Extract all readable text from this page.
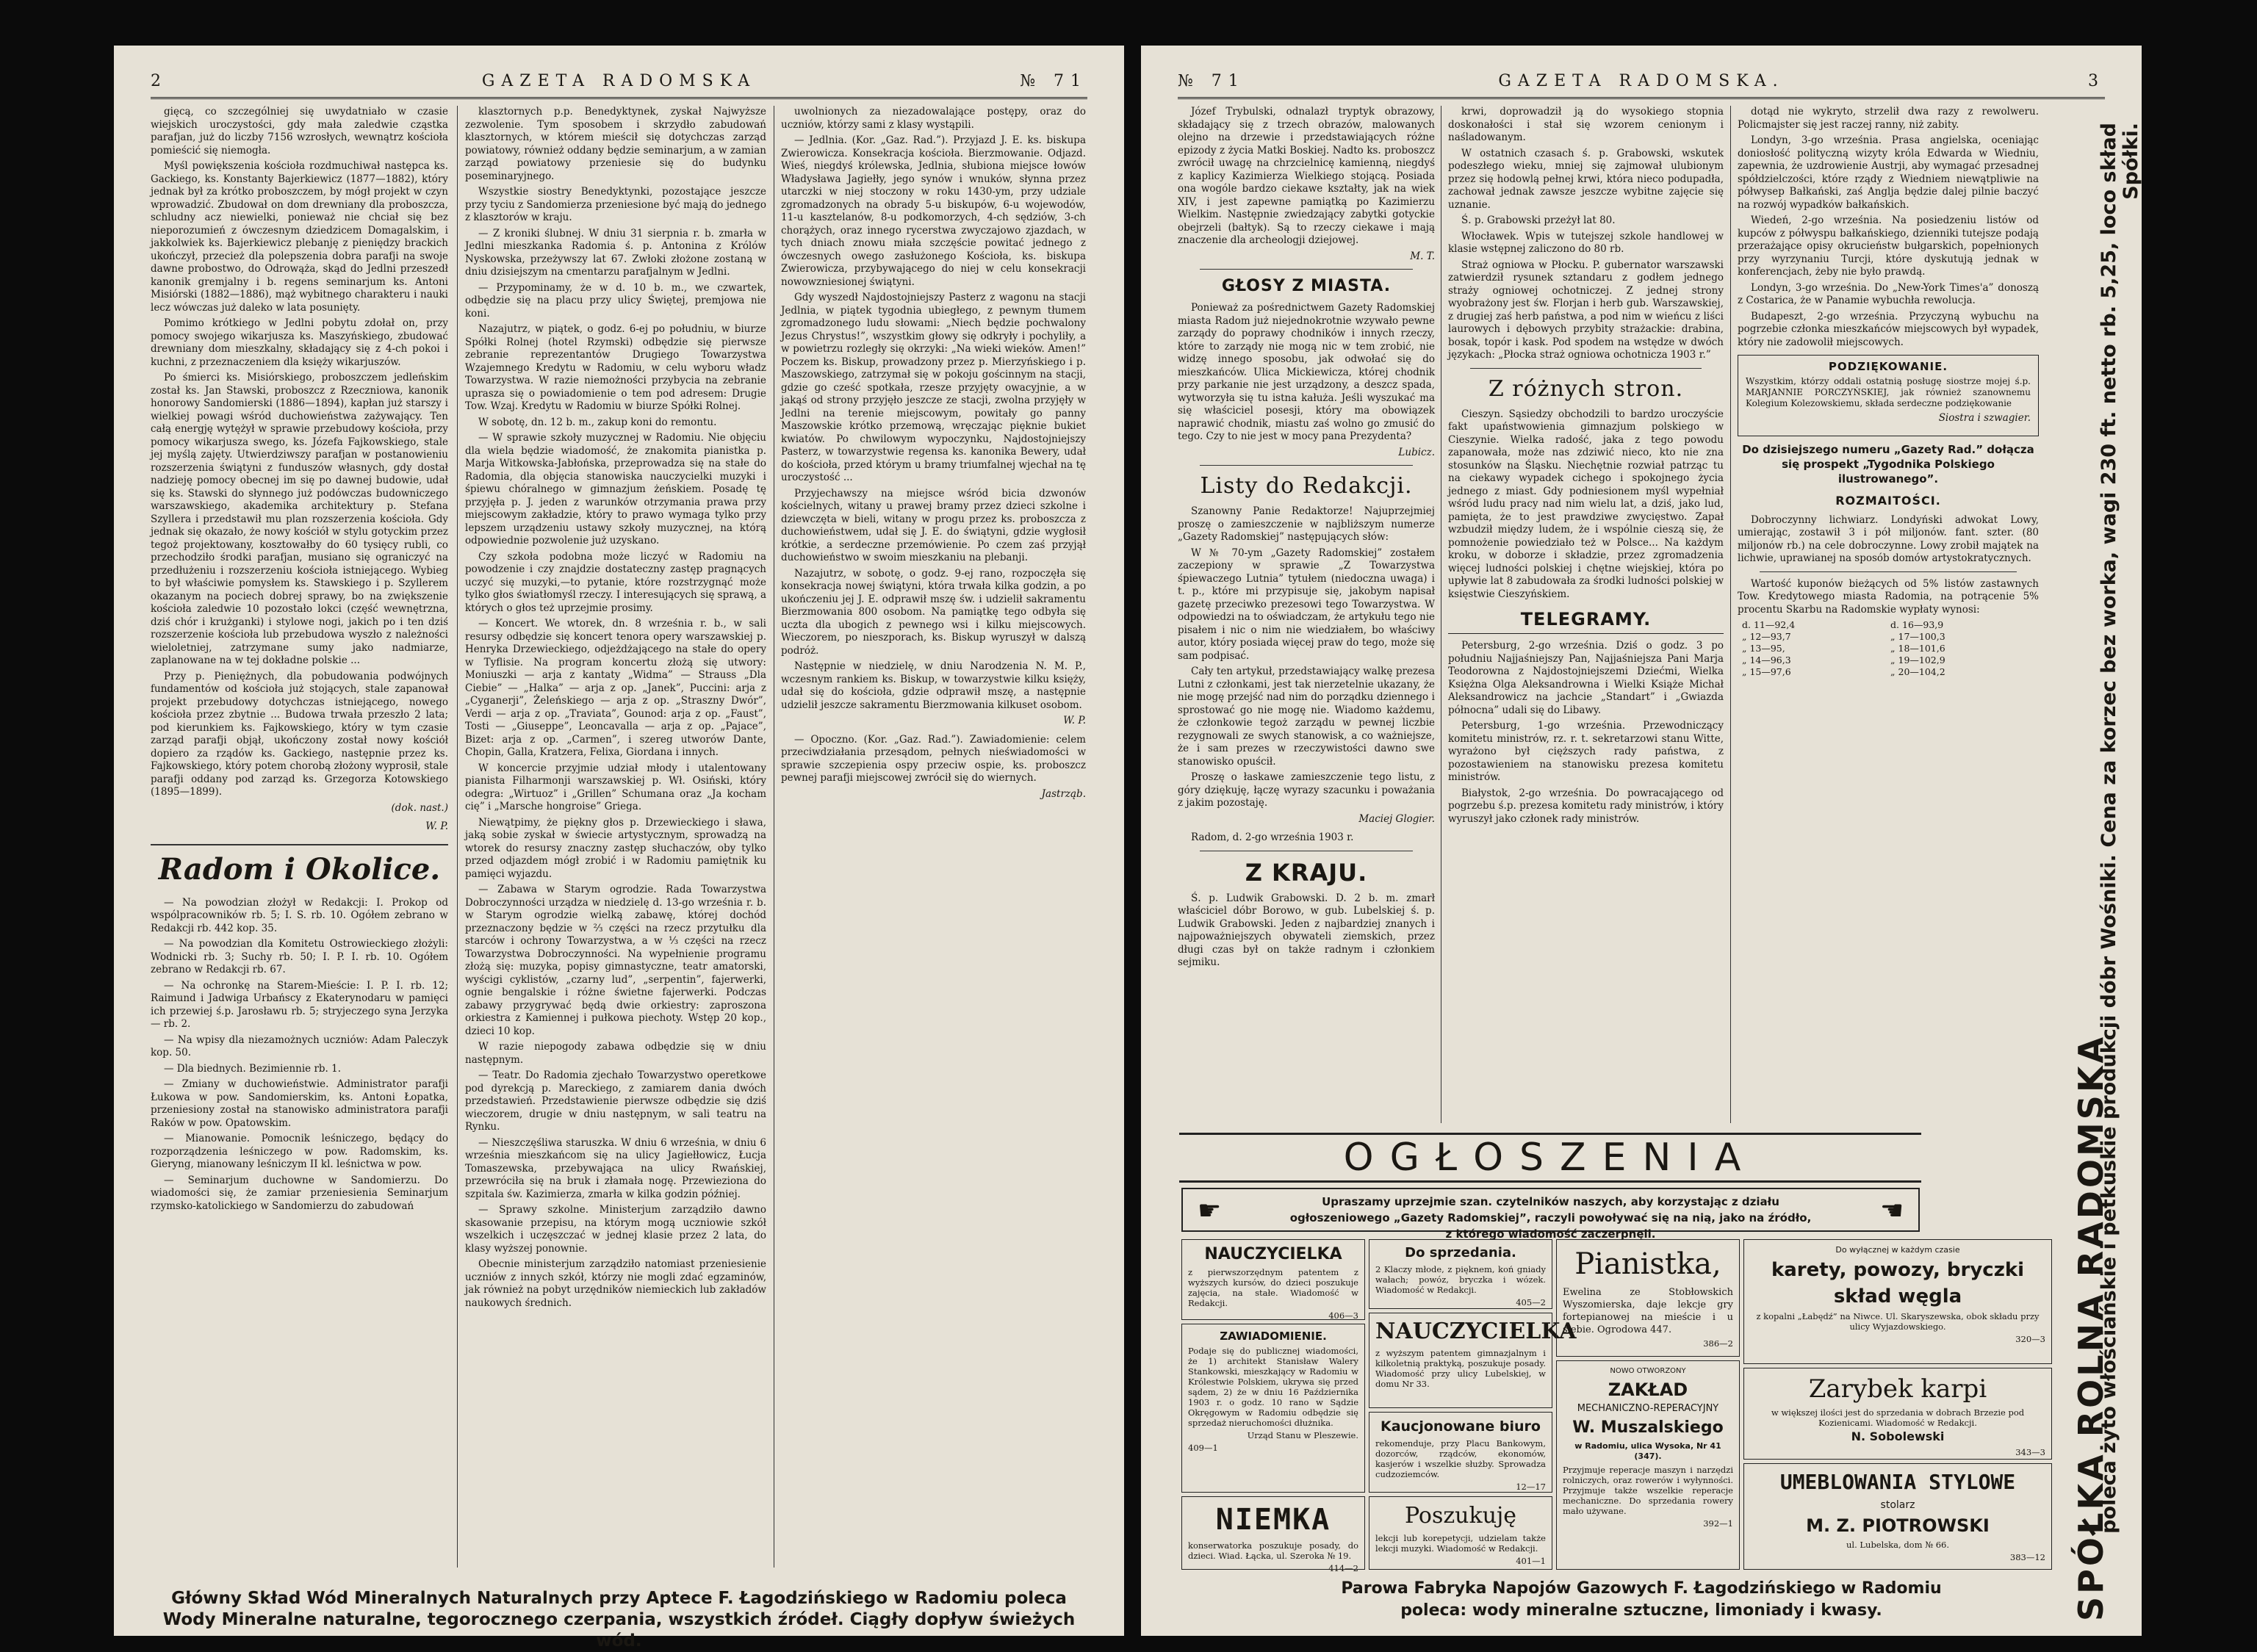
2	GAZETA RADOMSKA	№ 71

gięcą, co szczególniej się uwydatniało w czasie wiejskich uroczystości, gdy mała zaledwie cząstka parafjan, już do liczby 7156 wzrosłych, wewnątrz kościoła pomieścić się niemogła.

Myśl powiększenia kościoła rozdmuchiwał następca ks. Gackiego, ks. Konstanty Bajerkiewicz (1877—1882), który jednak był za krótko proboszczem, by mógł projekt w czyn wprowadzić. Zbudował on dom drewniany dla proboszcza, schludny acz niewielki, ponieważ nie chciał się bez nieporozumień z ówczesnym dziedzicem Domagalskim, i jakkolwiek ks. Bajerkiewicz plebanję z pieniędzy brackich ukończył, przecież dla polepszenia dobra parafji na swoje dawne probostwo, do Odrowąża, skąd do Jedlni przeszedł kanonik gremjalny i b. regens seminarjum ks. Antoni Misiórski (1882—1886), mąż wybitnego charakteru i nauki lecz wówczas już daleko w lata posunięty.

Pomimo krótkiego w Jedlni pobytu zdołał on, przy pomocy swojego wikarjusza ks. Maszyńskiego, zbudować drewniany dom mieszkalny, składający się z 4-ch pokoi i kuchni, z przeznaczeniem dla księży wikarjuszów.

Po śmierci ks. Misiórskiego, proboszczem jedleńskim został ks. Jan Stawski, proboszcz z Rzeczniowa, kanonik honorowy Sandomierski (1886—1894), kapłan już starszy i wielkiej powagi wśród duchowieństwa zażywający. Ten całą energję wytężył w sprawie przebudowy kościoła, przy pomocy wikarjusza swego, ks. Józefa Fajkowskiego, stale jej myślą zajęty. Utwierdziwszy parafjan w postanowieniu rozszerzenia świątyni z funduszów własnych, gdy dostał nadzieję pomocy obecnej im się po dawnej budowie, udał się ks. Stawski do słynnego już podówczas budowniczego warszawskiego, akademika architektury p. Stefana Szyllera i przedstawił mu plan rozszerzenia kościoła. Gdy jednak się okazało, że nowy kościół w stylu gotyckim przez tegoż projektowany, kosztowałby do 60 tysięcy rubli, co przechodziło środki parafjan, musiano się ograniczyć na przedłużeniu i rozszerzeniu kościoła istniejącego. Wybieg to był właściwie pomysłem ks. Stawskiego i p. Szyllerem okazanym na pociech dobrej sprawy, bo na zwiększenie kościoła zaledwie 10 pozostało lokci (część wewnętrzna, dziś chór i krużganki) i stylowe nogi, jakich po i ten dziś rozszerzenie kościoła lub przebudowa wyszło z należności wieloletniej, zatrzymane sumy jako nadmiarze, zaplanowane na w tej dokładne polskie ...

Przy p. Pieniężnych, dla pobudowania podwójnych fundamentów od kościoła już stojących, stale zapanował projekt przebudowy dotychczas istniejącego, nowego kościoła przez zbytnie ... Budowa trwała przeszło 2 lata; pod kierunkiem ks. Fajkowskiego, który w tym czasie zarząd parafji objął, ukończony został nowy kościół dopiero za rządów ks. Gackiego, następnie przez ks. Fajkowskiego, który potem chorobą złożony wyprosił, stale parafji oddany pod zarząd ks. Grzegorza Kotowskiego (1895—1899).

(dok. nast.)

W. P.

Radom i Okolice.

— Na powodzian złożył w Redakcji: I. Prokop od wspólpracowników rb. 5; I. S. rb. 10. Ogółem zebrano w Redakcji rb. 442 kop. 35.

— Na powodzian dla Komitetu Ostrowieckiego złożyli: Wodnicki rb. 3; Suchy rb. 50; I. P. I. rb. 10. Ogółem zebrano w Redakcji rb. 67.

— Na ochronkę na Starem-Mieście: I. P. I. rb. 12; Raimund i Jadwiga Urbańscy z Ekaterynodaru w pamięci ich przewiej ś.p. Jarosławu rb. 5; stryjeczego syna Jerzyka — rb. 2.

— Na wpisy dla niezamożnych uczniów: Adam Paleczyk kop. 50.

— Dla biednych. Bezimiennie rb. 1.

— Zmiany w duchowieństwie. Administrator parafji Łukowa w pow. Sandomierskim, ks. Antoni Łopatka, przeniesiony został na stanowisko administratora parafji Raków w pow. Opatowskim.

— Mianowanie. Pomocnik leśniczego, będący do rozporządzenia leśniczego w pow. Radomskim, ks. Gieryng, mianowany leśniczym II kl. leśnictwa w pow.

— Seminarjum duchowne w Sandomierzu. Do wiadomości się, że zamiar przeniesienia Seminarjum rzymsko-katolickiego w Sandomierzu do zabudowań

klasztornych p.p. Benedyktynek, zyskał Najwyższe zezwolenie. Tym sposobem i skrzydło zabudowań klasztornych, w którem mieścił się dotychczas zarząd powiatowy, również oddany będzie seminarjum, a w zamian zarząd powiatowy przeniesie się do budynku poseminaryjnego.

Wszystkie siostry Benedyktynki, pozostające jeszcze przy tyciu z Sandomierza przeniesione być mają do jednego z klasztorów w kraju.

— Z kroniki ślubnej. W dniu 31 sierpnia r. b. zmarła w Jedlni mieszkanka Radomia ś. p. Antonina z Królów Nyskowska, przeżywszy lat 67. Zwłoki złożone zostaną w dniu dzisiejszym na cmentarzu parafjalnym w Jedlni.

— Przypominamy, że w d. 10 b. m., we czwartek, odbędzie się na placu przy ulicy Świętej, premjowa nie koni.

Nazajutrz, w piątek, o godz. 6-ej po południu, w biurze Spółki Rolnej (hotel Rzymski) odbędzie się pierwsze zebranie reprezentantów Drugiego Towarzystwa Wzajemnego Kredytu w Radomiu, w celu wyboru władz Towarzystwa. W razie niemożności przybycia na zebranie uprasza się o powiadomienie o tem pod adresem: Drugie Tow. Wzaj. Kredytu w Radomiu w biurze Spółki Rolnej.

W sobotę, dn. 12 b. m., zakup koni do remontu.

— W sprawie szkoły muzycznej w Radomiu. Nie objęciu dla wiela będzie wiadomość, że znakomita pianistka p. Marja Witkowska-Jabłońska, przeprowadza się na stałe do Radomia, dla objęcia stanowiska nauczycielki muzyki i śpiewu chóralnego w gimnazjum żeńskiem. Posadę tę przyjęła p. J. jeden z warunków otrzymania prawa przy miejscowym zakładzie, który to prawo wymaga tylko przy lepszem urządzeniu ustawy szkoły muzycznej, na którą odpowiednie pozwolenie już uzyskano.

Czy szkoła podobna może liczyć w Radomiu na powodzenie i czy znajdzie dostateczny zastęp pragnących uczyć się muzyki,—to pytanie, które rozstrzygnąć może tylko głos światłomyśl rzeczy. I interesujących się sprawą, a których o głos też uprzejmie prosimy.

— Koncert. We wtorek, dn. 8 września r. b., w sali resursy odbędzie się koncert tenora opery warszawskiej p. Henryka Drzewieckiego, odjeżdżającego na stałe do opery w Tyflisie. Na program koncertu złożą się utwory: Moniuszki — arja z kantaty „Widma” — Strauss „Dla Ciebie” — „Halka” — arja z op. „Janek”, Puccini: arja z „Cyganerji”, Żeleńskiego — arja z op. „Straszny Dwór”, Verdi — arja z op. „Traviata”, Gounod: arja z op. „Faust”, Tosti — „Giuseppe”, Leoncavalla — arja z op. „Pajace”, Bizet: arja z op. „Carmen”, i szereg utworów Dante, Chopin, Galla, Kratzera, Felixa, Giordana i innych.

W koncercie przyjmie udział młody i utalentowany pianista Filharmonji warszawskiej p. Wł. Osiński, który odegra: „Wirtuoz” i „Grillen” Schumana oraz „Ja kocham cię” i „Marsche hongroise” Griega.

Niewątpimy, że piękny głos p. Drzewieckiego i sława, jaką sobie zyskał w świecie artystycznym, sprowadzą na wtorek do resursy znaczny zastęp słuchaczów, oby tylko przed odjazdem mógł zrobić i w Radomiu pamiętnik ku pamięci wyjazdu.

— Zabawa w Starym ogrodzie. Rada Towarzystwa Dobroczynności urządza w niedzielę d. 13-go września r. b. w Starym ogrodzie wielką zabawę, której dochód przeznaczony będzie w ⅔ części na rzecz przytułku dla starców i ochrony Towarzystwa, a w ⅓ części na rzecz Towarzystwa Dobroczynności. Na wypełnienie programu złożą się: muzyka, popisy gimnastyczne, teatr amatorski, wyścigi cyklistów, „czarny lud”, „serpentin”, fajerwerki, ognie bengalskie i różne świetne fajerwerki. Podczas zabawy przygrywać będą dwie orkiestry: zaproszona orkiestra z Kamiennej i pułkowa piechoty. Wstęp 20 kop., dzieci 10 kop.

W razie niepogody zabawa odbędzie się w dniu następnym.

— Teatr. Do Radomia zjechało Towarzystwo operetkowe pod dyrekcją p. Mareckiego, z zamiarem dania dwóch przedstawień. Przedstawienie pierwsze odbędzie się dziś wieczorem, drugie w dniu następnym, w sali teatru na Rynku.

— Nieszczęśliwa staruszka. W dniu 6 września, w dniu 6 września mieszkańcom się na ulicy Jagiełłowicz, Łucja Tomaszewska, przebywająca na ulicy Rwańskiej, przewróciła się na bruk i złamała nogę. Przewieziona do szpitala św. Kazimierza, zmarła w kilka godzin później.

— Sprawy szkolne. Ministerjum zarządziło dawno skasowanie przepisu, na którym mogą uczniowie szkół wszelkich i uczęszczać w jednej klasie przez 2 lata, do klasy wyższej ponownie.

Obecnie ministerjum zarządziło natomiast przeniesienie uczniów z innych szkół, którzy nie mogli zdać egzaminów, jak również na pobyt urzędników niemieckich lub zakładów naukowych średnich.

uwolnionych za niezadowalające postępy, oraz do uczniów, którzy sami z klasy wystąpili.

— Jedlnia. (Kor. „Gaz. Rad.”). Przyjazd J. E. ks. biskupa Zwierowicza. Konsekracja kościoła. Bierzmowanie. Odjazd. Wieś, niegdyś królewska, Jedlnia, słubiona miejsce łowów Władysława Jagiełły, jego synów i wnuków, słynna przez utarczki w niej stoczony w roku 1430-ym, przy udziale zgromadzonych na obrady 5-u biskupów, 6-u wojewodów, 11-u kasztelanów, 8-u podkomorzych, 4-ch sędziów, 3-ch chorążych, oraz innego rycerstwa zwyczajowo zjazdach, w tych dniach znowu miała szczęście powitać jednego z ówczesnych owego zasłużonego Kościoła, ks. biskupa Zwierowicza, przybywającego do niej w celu konsekracji nowowzniesionej świątyni.

Gdy wyszedł Najdostojniejszy Pasterz z wagonu na stacji Jedlnia, w piątek tygodnia ubiegłego, z pewnym tłumem zgromadzonego ludu słowami: „Niech będzie pochwalony Jezus Chrystus!”, wszystkim głowy się odkryły i pochyliły, a w powietrzu rozległy się okrzyki: „Na wieki wieków. Amen!” Poczem ks. Biskup, prowadzony przez p. Mierzyńskiego i p. Maszowskiego, zatrzymał się w pokoju gościnnym na stacji, gdzie go cześć spotkała, rzesze przyjęty owacyjnie, a w jakąś od strony przyjęło jeszcze ze stacji, zwolna przyjęły w Jedlni na terenie miejscowym, powitały go panny Maszowskie krótko przemową, wręczając pięknie bukiet kwiatów. Po chwilowym wypoczynku, Najdostojniejszy Pasterz, w towarzystwie regensa ks. kanonika Bewery, udał do kościoła, przed którym u bramy triumfalnej wjechał na tę uroczystość ...

Przyjechawszy na miejsce wśród bicia dzwonów kościelnych, witany u prawej bramy przez dzieci szkolne i dziewczęta w bieli, witany w progu przez ks. proboszcza z duchowieństwem, udał się J. E. do świątyni, gdzie wygłosił krótkie, a serdeczne przemówienie. Po czem zaś przyjął duchowieństwo w swoim mieszkaniu na plebanji.

Nazajutrz, w sobotę, o godz. 9-ej rano, rozpoczęła się konsekracja nowej świątyni, która trwała kilka godzin, a po ukończeniu jej J. E. odprawił mszę św. i udzielił sakramentu Bierzmowania 800 osobom. Na pamiątkę tego odbyła się uczta dla ubogich z pewnego wsi i kilku miejscowych. Wieczorem, po nieszporach, ks. Biskup wyruszył w dalszą podróż.

Następnie w niedzielę, w dniu Narodzenia N. M. P., wczesnym rankiem ks. Biskup, w towarzystwie kilku księży, udał się do kościoła, gdzie odprawił mszę, a następnie udzielił jeszcze sakramentu Bierzmowania kilkuset osobom.

W. P.

— Opoczno. (Kor. „Gaz. Rad.”). Zawiadomienie: celem przeciwdziałania przesądom, pełnych nieświadomości w sprawie szczepienia ospy przeciw ospie, ks. proboszcz pewnej parafji miejscowej zwrócił się do wiernych.

Jastrząb.

Główny Skład Wód Mineralnych Naturalnych przy Aptece F. Łagodzińskiego w Radomiu poleca Wody Mineralne naturalne, tegorocznego czerpania, wszystkich źródeł. Ciągły dopływ świeżych wód.
№ 71	GAZETA RADOMSKA.	3

Józef Trybulski, odnalazł tryptyk obrazowy, składający się z trzech obrazów, malowanych olejno na drzewie i przedstawiających różne epizody z życia Matki Boskiej. Nadto ks. proboszcz zwrócił uwagę na chrzcielnicę kamienną, niegdyś z kaplicy Kazimierza Wielkiego stojącą. Posiada ona wogóle bardzo ciekawe kształty, jak na wiek XIV, i jest zapewne pamiątką po Kazimierzu Wielkim. Następnie zwiedzający zabytki gotyckie obejrzeli (bałtyk). Są to rzeczy ciekawe i mają znaczenie dla archeologji dziejowej.

M. T.

GŁOSY Z MIASTA.

Ponieważ za pośrednictwem Gazety Radomskiej miasta Radom już niejednokrotnie wzywało pewne zarządy do poprawy chodników i innych rzeczy, które to zarządy nie mogą nic w tem zrobić, nie widzę innego sposobu, jak odwołać się do mieszkańców. Ulica Mickiewicza, której chodnik przy parkanie nie jest urządzony, a deszcz spada, wytworzyła się tu istna kałuża. Jeśli wyszukać ma się właściciel posesji, który ma obowiązek naprawić chodnik, miastu zaś wolno go zmusić do tego. Czy to nie jest w mocy pana Prezydenta?

Lubicz.

Listy do Redakcji.

Szanowny Panie Redaktorze! Najuprzejmiej proszę o zamieszczenie w najbliższym numerze „Gazety Radomskiej” następujących słów:

W № 70-ym „Gazety Radomskiej” zostałem zaczepiony w sprawie „Z Towarzystwa śpiewaczego Lutnia” tytułem (niedoczna uwaga) i t. p., które mi przypisuje się, jakobym napisał gazetę przeciwko prezesowi tego Towarzystwa. W odpowiedzi na to oświadczam, że artykułu tego nie pisałem i nic o nim nie wiedziałem, bo właściwy autor, który posiada więcej praw do tego, może się sam podpisać.

Cały ten artykuł, przedstawiający walkę prezesa Lutni z członkami, jest tak nierzetelnie ukazany, że nie mogę przejść nad nim do porządku dziennego i sprostować go nie mogę nie. Wiadomo każdemu, że członkowie tegoż zarządu w pewnej liczbie rezygnowali ze swych stanowisk, a co ważniejsze, że i sam prezes w rzeczywistości dawno swe stanowisko opuścił.

Proszę o łaskawe zamieszczenie tego listu, z góry dziękuję, łączę wyrazy szacunku i poważania z jakim pozostaję.

Maciej Glogier.

Radom, d. 2-go września 1903 r.

Z KRAJU.

Ś. p. Ludwik Grabowski. D. 2 b. m. zmarł właściciel dóbr Borowo, w gub. Lubelskiej ś. p. Ludwik Grabowski. Jeden z najbardziej znanych i najpoważniejszych obywateli ziemskich, przez długi czas był on także radnym i członkiem sejmiku.

krwi, doprowadził ją do wysokiego stopnia doskonałości i stał się wzorem cenionym i naśladowanym.

W ostatnich czasach ś. p. Grabowski, wskutek podeszłego wieku, mniej się zajmował ulubionym przez się hodowlą pełnej krwi, która nieco podupadła, zachował jednak zawsze jeszcze wybitne zajęcie się uznanie.

Ś. p. Grabowski przeżył lat 80.

Włocławek. Wpis w tutejszej szkole handlowej w klasie wstępnej zaliczono do 80 rb.

Straż ogniowa w Płocku. P. gubernator warszawski zatwierdził rysunek sztandaru z godłem jednego straży ogniowej ochotniczej. Z jednej strony wyobrażony jest św. Florjan i herb gub. Warszawskiej, z drugiej zaś herb państwa, a pod nim w wieńcu z liści laurowych i dębowych przybity strażackie: drabina, bosak, topór i kask. Pod spodem na wstędze w dwóch językach: „Płocka straż ogniowa ochotnicza 1903 r.”

Z różnych stron.

Cieszyn. Sąsiedzy obchodzili to bardzo uroczyście fakt upaństwowienia gimnazjum polskiego w Cieszynie. Wielka radość, jaka z tego powodu zapanowała, może nas zdziwić nieco, kto nie zna stosunków na Śląsku. Niechętnie rozwiał patrząc tu na ciekawy wypadek cichego i spokojnego życia jednego z miast. Gdy podniesionem myśl wypełniał wśród ludu pracy nad nim wielu lat, a dziś, jako lud, pamięta, że to jest prawdziwe zwycięstwo. Zapał wzbudził między ludem, że i wspólnie cieszą się, że pomnożenie powiedziało też w Polsce... Na każdym kroku, w doborze i składzie, przez zgromadzenia więcej ludności polskiej i chętne wiejskiej, która po upływie lat 8 zabudowała za środki ludności polskiej w księstwie Cieszyńskiem.

TELEGRAMY.

Petersburg, 2-go września. Dziś o godz. 3 po południu Najjaśniejszy Pan, Najjaśniejsza Pani Marja Teodorowna z Najdostojniejszemi Dziećmi, Wielka Księżna Olga Aleksandrowna i Wielki Książe Michał Aleksandrowicz na jachcie „Standart” i „Gwiazda północna” udali się do Libawy.

Petersburg, 1-go września. Przewodniczący komitetu ministrów, rz. r. t. sekretarzowi stanu Witte, wyrażono był cięższych rady państwa, z pozostawieniem na stanowisku prezesa komitetu ministrów.

Białystok, 2-go września. Do powracającego od pogrzebu ś.p. prezesa komitetu rady ministrów, i który wyruszył jako członek rady ministrów.

dotąd nie wykryto, strzelił dwa razy z rewolweru. Policmajster się jest raczej ranny, niż zabity.

Londyn, 3-go września. Prasa angielska, oceniając doniosłość polityczną wizyty króla Edwarda w Wiedniu, zapewnia, że uzdrowienie Austrji, aby wymagać przesadnej spółdzielczości, które rządy z Wiedniem niewątpliwie na półwysep Bałkański, zaś Anglja będzie dalej pilnie baczyć na rozwój wypadków bałkańskich.

Wiedeń, 2-go września. Na posiedzeniu listów od kupców z półwyspu bałkańskiego, dzienniki tutejsze podają przerażające opisy okrucieństw bułgarskich, popełnionych przy wyrzynaniu Turcji, które dyskutują jednak w konferencjach, żeby nie było prawdą.

Londyn, 3-go września. Do „New-York Times'a” donoszą z Costarica, że w Panamie wybuchła rewolucja.

Budapeszt, 2-go września. Przyczyną wybuchu na pogrzebie członka mieszkańców miejscowych był wypadek, który nie zadowolił miejscowych.

PODZIĘKOWANIE.

Wszystkim, którzy oddali ostatnią posługę siostrze mojej ś.p. MARJANNIE PORCZYŃSKIEJ, jak również szanownemu Kolegium Kolezowskiemu, składa serdeczne podziękowanie

Siostra i szwagier.

Do dzisiejszego numeru „Gazety Rad.” dołącza się prospekt „Tygodnika Polskiego ilustrowanego”.

ROZMAITOŚCI.

Dobroczynny lichwiarz. Londyński adwokat Lowy, umierając, zostawił 3 i pół miljonów. fant. szter. (80 miljonów rb.) na cele dobroczynne. Lowy zrobił majątek na lichwie, uprawianej na sposób domów artystokratycznych.

Wartość kuponów bieżących od 5% listów zastawnych Tow. Kredytowego miasta Radomia, na potrącenie 5% procentu Skarbu na Radomskie wypłaty wynosi:

d. 11—92,4	d. 16—93,9
„ 12—93,7	„ 17—100,3
„ 13—95,	„ 18—101,6
„ 14—96,3	„ 19—102,9
„ 15—97,6	„ 20—104,2
SPÓŁKA ROLNA RADOMSKA
poleca żyto włościańskie i petkuskie produkcji dóbr Wośniki. Cena za korzec bez worka, wagi 230 ft. netto rb. 5,25, loco skład Spółki.
OGŁOSZENIA
☛	Upraszamy uprzejmie szan. czytelników naszych, aby korzystając z działu ogłoszeniowego „Gazety Radomskiej”, raczyli powoływać się na nią, jako na źródło, z którego wiadomość zaczerpnęli.
☛
NAUCZYCIELKA
z pierwszorzędnym patentem z wyższych kursów, do dzieci poszukuje zajęcia, na stałe. Wiadomość w Redakcji.
406—3
ZAWIADOMIENIE.
Podaje się do publicznej wiadomości, że 1) architekt Stanisław Walery Stankowski, mieszkający w Radomiu w Królestwie Polskiem, ukrywa się przed sądem, 2) że w dniu 16 Października 1903 r. o godz. 10 rano w Sądzie Okręgowym w Radomiu odbędzie się sprzedaż nieruchomości dłużnika.
Urząd Stanu w Pleszewie.
409—1
NIEMKA
konserwatorka poszukuje posady, do dzieci. Wiad. Łącka, ul. Szeroka № 19.
414—2
Do sprzedania.
2 Klaczy młode, z pięknem, koń gniady wałach; powóz, bryczka i wózek. Wiadomość w Redakcji.
405—2
NAUCZYCIELKA
z wyższym patentem gimnazjalnym i kilkoletnią praktyką, poszukuje posady. Wiadomość przy ulicy Lubelskiej, w domu Nr 33.
Kaucjonowane biuro
rekomenduje, przy Placu Bankowym, dozorców, rządców, ekonomów, kasjerów i wszelkie służby. Sprowadza cudzoziemców.
12—17
Poszukuję
lekcji lub korepetycji, udzielam także lekcji muzyki. Wiadomość w Redakcji.
401—1
Pianistka,
Ewelina ze Stobłowskich Wyszomierska, daje lekcje gry fortepianowej na mieście i u siebie. Ogrodowa 447.
386—2
NOWO OTWORZONY
ZAKŁAD
MECHANICZNO-REPERACYJNY
W. Muszalskiego
w Radomiu, ulica Wysoka, Nr 41 (347).
Przyjmuje reperacje maszyn i narzędzi rolniczych, oraz rowerów i wyłynności. Przyjmuje także wszelkie reperacje mechaniczne. Do sprzedania rowery mało używane.
392—1
Do wyłącznej w każdym czasie
karety, powozy, bryczki
skład węgla
z kopalni „Łabędź” na Niwce. Ul. Skaryszewska, obok składu przy ulicy Wyjazdowskiego.
320—3
Zarybek karpi
w większej ilości jest do sprzedania w dobrach Brzezie pod Kozienicami. Wiadomość w Redakcji.
N. Sobolewski
343—3
UMEBLOWANIA STYLOWE
stolarz
M. Z. PIOTROWSKI
ul. Lubelska, dom № 66.
383—12
Parowa Fabryka Napojów Gazowych F. Łagodzińskiego w Radomiu
poleca: wody mineralne sztuczne, limoniady i kwasy.
